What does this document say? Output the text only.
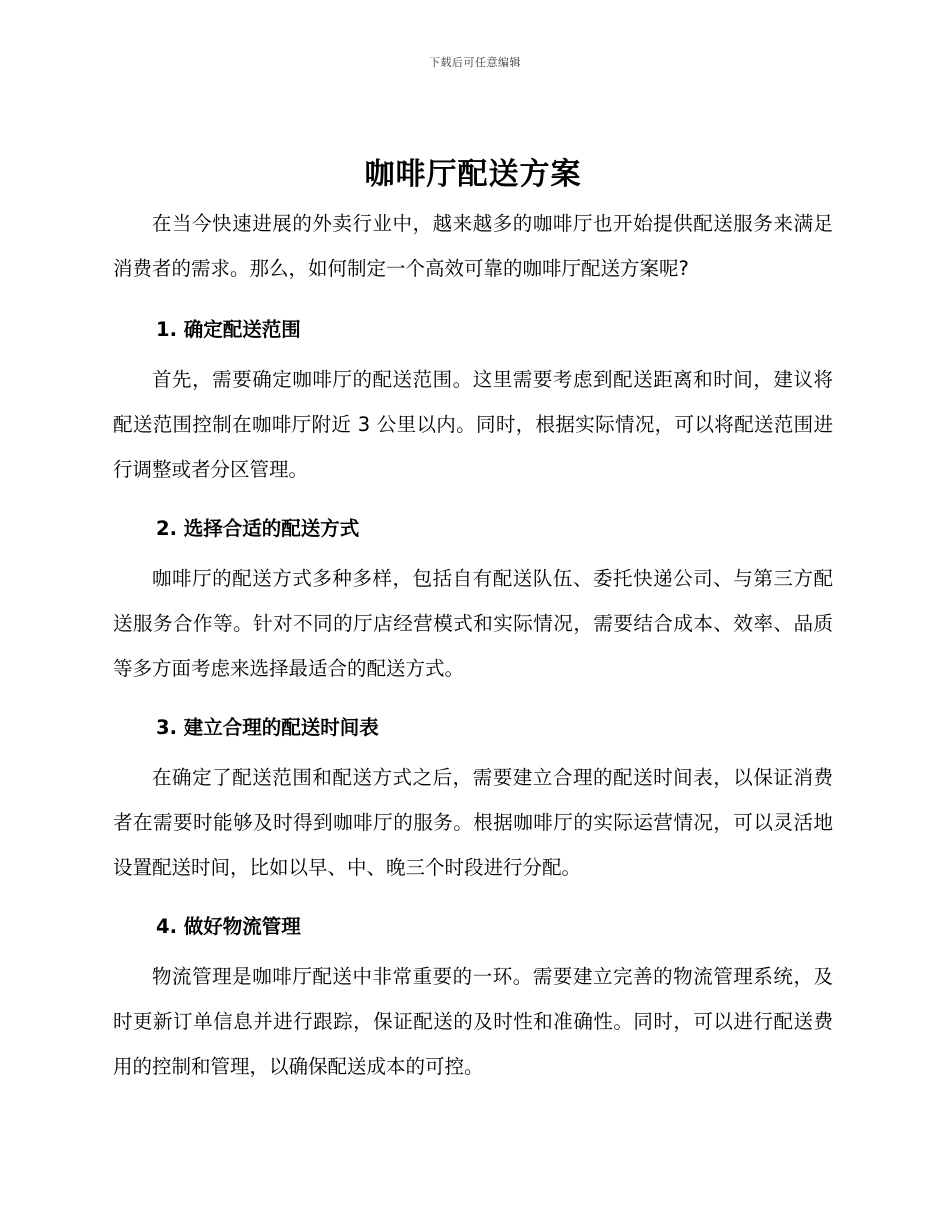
下载后可任意编辑
咖啡厅配送方案

在当今快速进展的外卖行业中，越来越多的咖啡厅也开始提供配送服务来满足消费者的需求。那么，如何制定一个高效可靠的咖啡厅配送方案呢?

1. 确定配送范围

首先，需要确定咖啡厅的配送范围。这里需要考虑到配送距离和时间，建议将配送范围控制在咖啡厅附近 3 公里以内。同时，根据实际情况，可以将配送范围进行调整或者分区管理。

2. 选择合适的配送方式

咖啡厅的配送方式多种多样，包括自有配送队伍、委托快递公司、与第三方配送服务合作等。针对不同的厅店经营模式和实际情况，需要结合成本、效率、品质等多方面考虑来选择最适合的配送方式。

3. 建立合理的配送时间表

在确定了配送范围和配送方式之后，需要建立合理的配送时间表，以保证消费者在需要时能够及时得到咖啡厅的服务。根据咖啡厅的实际运营情况，可以灵活地设置配送时间，比如以早、中、晚三个时段进行分配。

4. 做好物流管理

物流管理是咖啡厅配送中非常重要的一环。需要建立完善的物流管理系统，及时更新订单信息并进行跟踪，保证配送的及时性和准确性。同时，可以进行配送费用的控制和管理，以确保配送成本的可控。
